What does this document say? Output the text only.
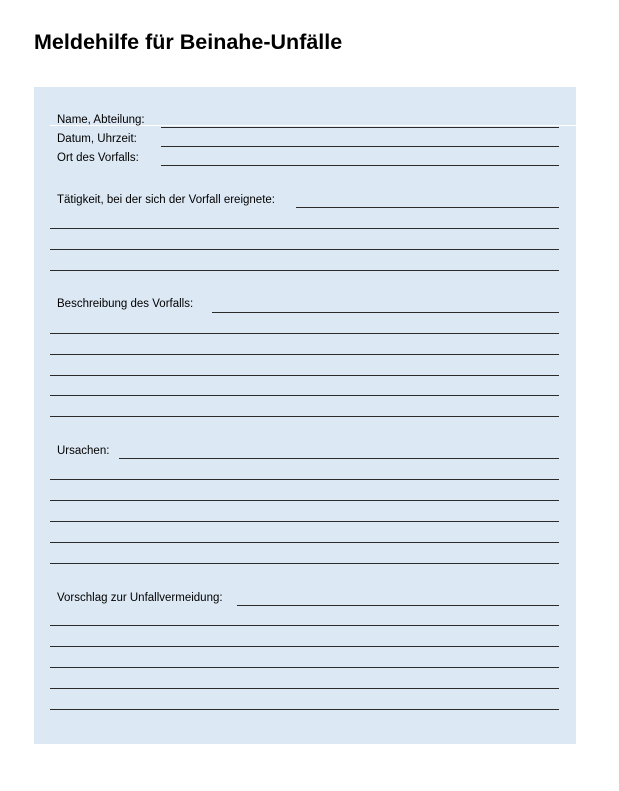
Meldehilfe für Beinahe-Unfälle
Name, Abteilung:
Datum, Uhrzeit:
Ort des Vorfalls:
Tätigkeit, bei der sich der Vorfall ereignete:
Beschreibung des Vorfalls:
Ursachen:
Vorschlag zur Unfallvermeidung:
